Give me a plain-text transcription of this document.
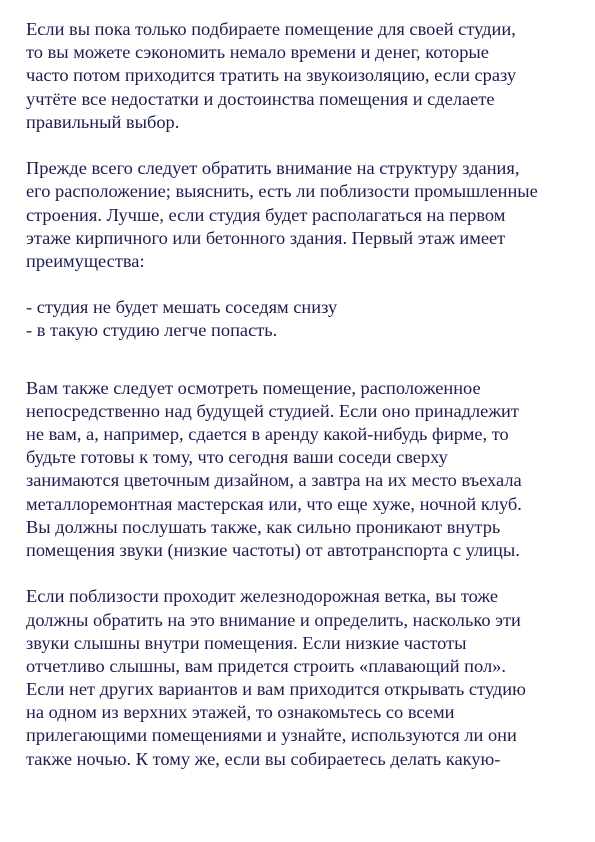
Если вы пока только подбираете помещение для своей студии,
то вы можете сэкономить немало времени и денег, которые
часто потом приходится тратить на звукоизоляцию, если сразу
учтёте все недостатки и достоинства помещения и сделаете
правильный выбор.
Прежде всего следует обратить внимание на структуру здания,
его расположение; выяснить, есть ли поблизости промышленные
строения. Лучше, если студия будет располагаться на первом
этаже кирпичного или бетонного здания. Первый этаж имеет
преимущества:
- студия не будет мешать соседям снизу
- в такую студию легче попасть.
Вам также следует осмотреть помещение, расположенное
непосредственно над будущей студией. Если оно принадлежит
не вам, а, например, сдается в аренду какой-нибудь фирме, то
будьте готовы к тому, что сегодня ваши соседи сверху
занимаются цветочным дизайном, а завтра на их место въехала
металлоремонтная мастерская или, что еще хуже, ночной клуб.
Вы должны послушать также, как сильно проникают внутрь
помещения звуки (низкие частоты) от автотранспорта с улицы.
Если поблизости проходит железнодорожная ветка, вы тоже
должны обратить на это внимание и определить, насколько эти
звуки слышны внутри помещения. Если низкие частоты
отчетливо слышны, вам придется строить «плавающий пол».
Если нет других вариантов и вам приходится открывать студию
на одном из верхних этажей, то ознакомьтесь со всеми
прилегающими помещениями и узнайте, используются ли они
также ночью. К тому же, если вы собираетесь делать какую-
